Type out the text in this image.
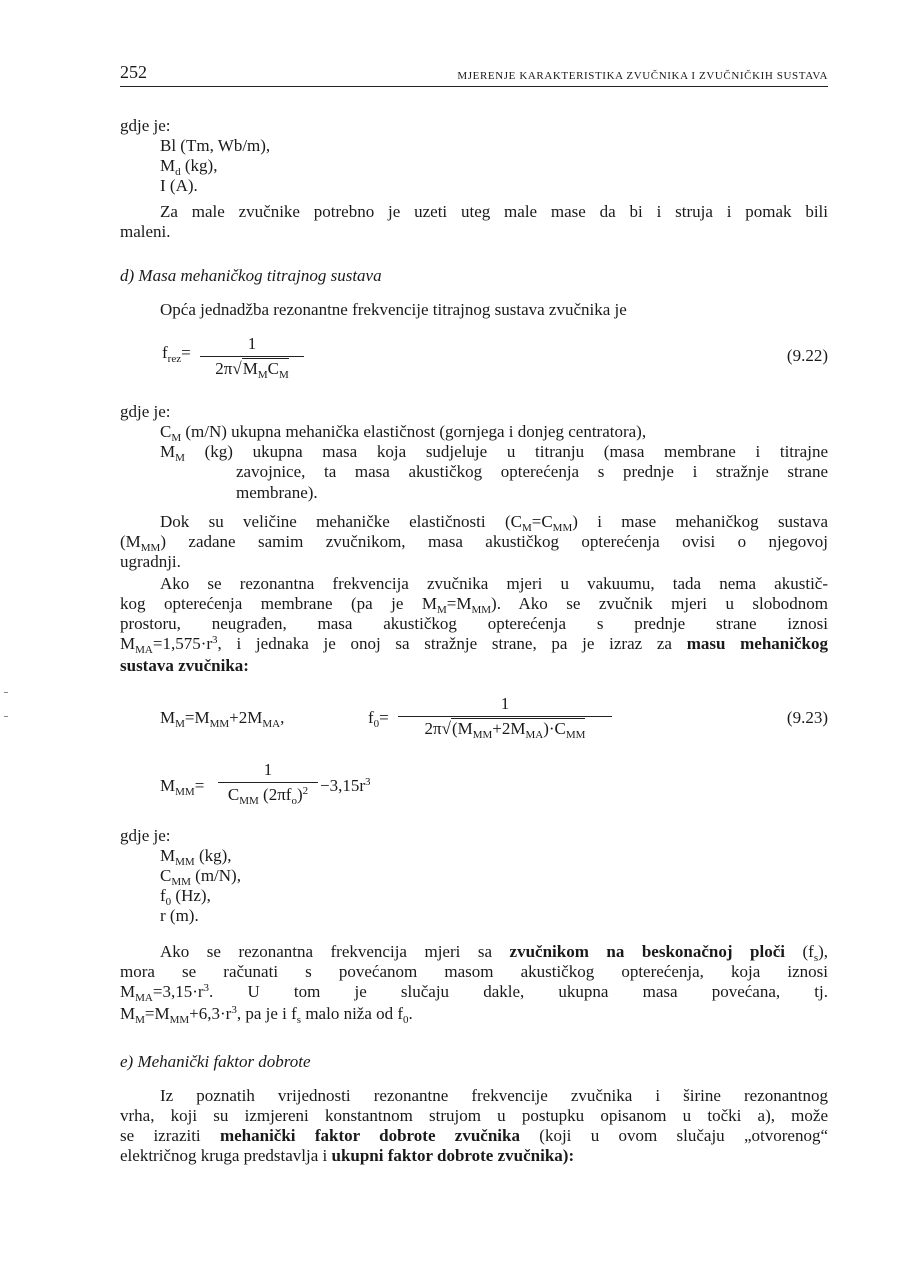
252	MJERENJE KARAKTERISTIKA ZVUČNIKA I ZVUČNIČKIH SUSTAVA
gdje je:
Bl (Tm, Wb/m),
$M_d$ (kg),
I (A).
Za male zvučnike potrebno je uzeti uteg male mase da bi i struja i pomak bili
maleni.
d) Masa mehaničkog titrajnog sustava
Opća jednadžba rezonantne frekvencije titrajnog sustava zvučnika je
$f_{rez}=$	1
$2\pi√M_MC_M$
(9.22)
gdje je:
$C_M$ (m/N) ukupna mehanička elastičnost (gornjega i donjeg centratora),
$M_M$ (kg) ukupna masa koja sudjeluje u titranju (masa membrane i titrajne
zavojnice, ta masa akustičkog opterećenja s prednje i stražnje strane
membrane).
Dok su veličine mehaničke elastičnosti $(C_M=C_{MM})$ i mase mehaničkog sustava
$(M_{MM})$ zadane samim zvučnikom, masa akustičkog opterećenja ovisi o njegovoj
ugradnji.
Ako se rezonantna frekvencija zvučnika mjeri u vakuumu, tada nema akustič-
kog opterećenja membrane (pa je $M_M=M_{MM}$). Ako se zvučnik mjeri u slobodnom
prostoru, neugrađen, masa akustičkog opterećenja s prednje strane iznosi
$M_{MA}=1,575\cdot r^3$, i jednaka je onoj sa stražnje strane, pa je izraz za masu mehaničkog
sustava zvučnika:
$M_M=M_{MM}+2M_{MA}$,	$f_0=$
1
$2\pi√(M_{MM}+2M_{MA})\cdot C_{MM}$
(9.23)
$M_{MM}=$
1
$C_{MM}$ $(2\pi f_o)^2 -3,15r^3$
gdje je:
$M_{MM}$ (kg),
$C_{MM}$ (m/N),
$f_0$ (Hz),
r (m).
Ako se rezonantna frekvencija mjeri sa zvučnikom na beskonačnoj ploči $(f_s)$,
mora se računati s povećanom masom akustičkog opterećenja, koja iznosi
$M_{MA}=3,15\cdot r^3$. U tom je slučaju dakle, ukupna masa povećana, tj.
$M_M=M_{MM}+6,3\cdot r^3$, pa je i $f_s$ malo niža od $f_0$.
e) Mehanički faktor dobrote
Iz poznatih vrijednosti rezonantne frekvencije zvučnika i širine rezonantnog
vrha, koji su izmjereni konstantnom strujom u postupku opisanom u točki a), može
se izraziti mehanički faktor dobrote zvučnika (koji u ovom slučaju „otvorenog“
električnog kruga predstavlja i ukupni faktor dobrote zvučnika):
